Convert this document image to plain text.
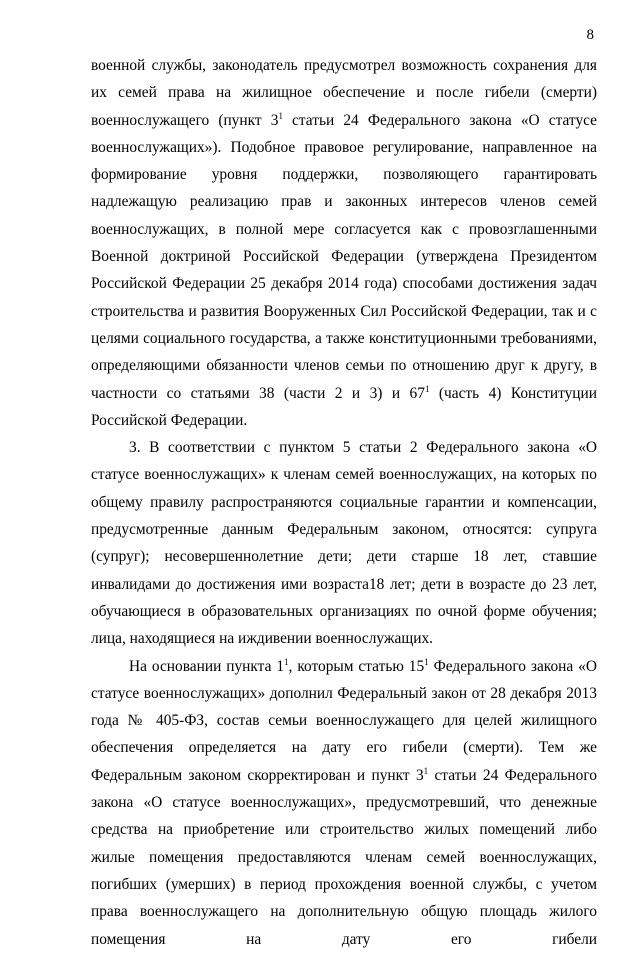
8

военной службы, законодатель предусмотрел возможность сохранения для их семей права на жилищное обеспечение и после гибели (смерти) военнослужащего (пункт $3^1$ статьи 24 Федерального закона «О статусе военнослужащих»). Подобное правовое регулирование, направленное на формирование уровня поддержки, позволяющего гарантировать надлежащую реализацию прав и законных интересов членов семей военнослужащих, в полной мере согласуется как с провозглашенными Военной доктриной Российской Федерации (утверждена Президентом Российской Федерации 25 декабря 2014 года) способами достижения задач строительства и развития Вооруженных Сил Российской Федерации, так и с целями социального государства, а также конституционными требованиями, определяющими обязанности членов семьи по отношению друг к другу, в частности со статьями 38 (части 2 и 3) и $67^1$ (часть 4) Конституции Российской Федерации.

3. В соответствии с пунктом 5 статьи 2 Федерального закона «О статусе военнослужащих» к членам семей военнослужащих, на которых по общему правилу распространяются социальные гарантии и компенсации, предусмотренные данным Федеральным законом, относятся: супруга (супруг); несовершеннолетние дети; дети старше 18 лет, ставшие инвалидами до достижения ими возраста18 лет; дети в возрасте до 23 лет, обучающиеся в образовательных организациях по очной форме обучения; лица, находящиеся на иждивении военнослужащих.

На основании пункта $1^1$, которым статью $15^1$ Федерального закона «О статусе военнослужащих» дополнил Федеральный закон от 28 декабря 2013 года № 405-ФЗ, состав семьи военнослужащего для целей жилищного обеспечения определяется на дату его гибели (смерти). Тем же Федеральным законом скорректирован и пункт $3^1$ статьи 24 Федерального закона «О статусе военнослужащих», предусмотревший, что денежные средства на приобретение или строительство жилых помещений либо жилые помещения предоставляются членам семей военнослужащих, погибших (умерших) в период прохождения военной службы, с учетом права военнослужащего на дополнительную общую площадь жилого помещения на дату его гибели
